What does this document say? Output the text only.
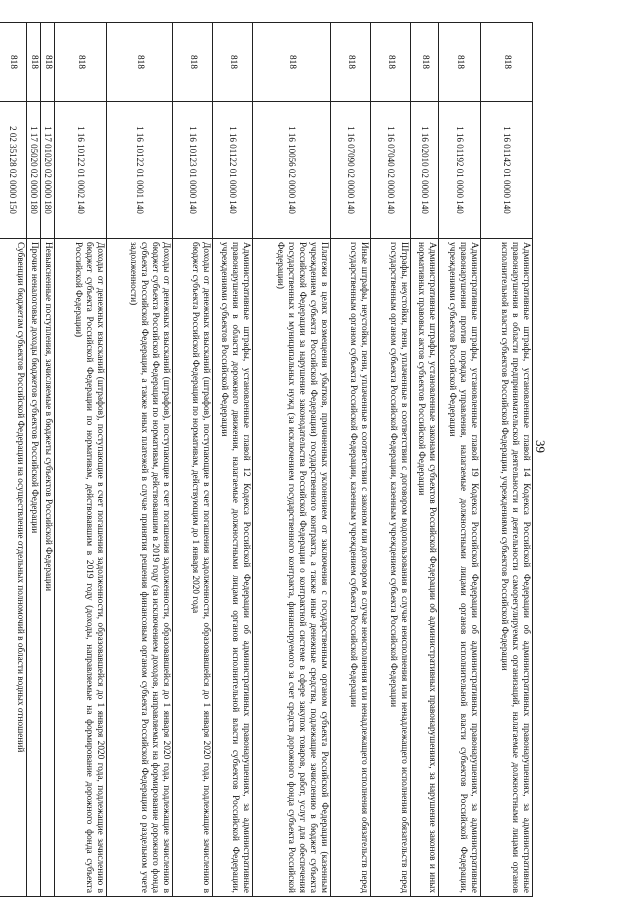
39
818	1 16 01142 01 0000 140	Административные штрафы, установленные главой 14 Кодекса Российской Федерации об административных правонарушениях, за административные правонарушения в области предпринимательской деятельности и деятельности саморегулируемых организаций, налагаемые должностными лицами органов исполнительной власти субъектов Российской Федерации, учреждениями субъектов Российской Федерации
818	1 16 01192 01 0000 140	Административные штрафы, установленные главой 19 Кодекса Российской Федерации об административных правонарушениях, за административные правонарушения против порядка управления, налагаемые должностными лицами органов исполнительной власти субъектов Российской Федерации, учреждениями субъектов Российской Федерации
818	1 16 02010 02 0000 140	Административные штрафы, установленные законами субъектов Российской Федерации об административных правонарушениях, за нарушение законов и иных нормативных правовых актов субъектов Российской Федерации
818	1 16 07040 02 0000 140	Штрафы, неустойки, пени, уплаченные в соответствии с договором водопользования в случае неисполнения или ненадлежащего исполнения обязательств перед государственным органом субъекта Российской Федерации, казенным учреждением субъекта Российской Федерации
818	1 16 07090 02 0000 140	Иные штрафы, неустойки, пени, уплаченные в соответствии с законом или договором в случае неисполнения или ненадлежащего исполнения обязательств перед государственным органом субъекта Российской Федерации, казенным учреждением субъекта Российской Федерации
818	1 16 10056 02 0000 140	Платежи в целях возмещения убытков, причиненных уклонением от заключения с государственным органом субъекта Российской Федерации (казенным учреждением субъекта Российской Федерации) государственного контракта, а также иные денежные средства, подлежащие зачислению в бюджет субъекта Российской Федерации за нарушение законодательства Российской Федерации о контрактной системе в сфере закупок товаров, работ, услуг для обеспечения государственных и муниципальных нужд (за исключением государственного контракта, финансируемого за счет средств дорожного фонда субъекта Российской Федерации)
818	1 16 01122 01 0000 140	Административные штрафы, установленные главой 12 Кодекса Российской Федерации об административных правонарушениях, за административные правонарушения в области дорожного движения, налагаемые должностными лицами органов исполнительной власти субъектов Российской Федерации, учреждениями субъектов Российской Федерации
818	1 16 10123 01 0000 140	Доходы от денежных взысканий (штрафов), поступающие в счет погашения задолженности, образовавшейся до 1 января 2020 года, подлежащие зачислению в бюджет субъекта Российской Федерации по нормативам, действующим до 1 января 2020 года
818	1 16 10122 01 0001 140	Доходы от денежных взысканий (штрафов), поступающие в счет погашения задолженности, образовавшейся до 1 января 2020 года, подлежащие зачислению в бюджет субъекта Российской Федерации по нормативам, действовавшим в 2019 году (за исключением доходов, направляемых на формирование дорожного фонда субъекта Российской Федерации, а также иных платежей в случае принятия решения финансовым органом субъекта Российской Федерации о раздельном учете задолженности)
818	1 16 10122 01 0002 140	Доходы от денежных взысканий (штрафов), поступающие в счет погашения задолженности, образовавшейся до 1 января 2020 года, подлежащие зачислению в бюджет субъекта Российской Федерации по нормативам, действовавшим в 2019 году (доходы, направляемые на формирование дорожного фонда субъекта Российской Федерации)
818	1 17 01020 02 0000 180	Невыясненные поступления, зачисляемые в бюджеты субъектов Российской Федерации
818	1 17 05020 02 0000 180	Прочие неналоговые доходы бюджетов субъектов Российской Федерации
818	2 02 35128 02 0000 150	Субвенции бюджетам субъектов Российской Федерации на осуществление отдельных полномочий в области водных отношений
